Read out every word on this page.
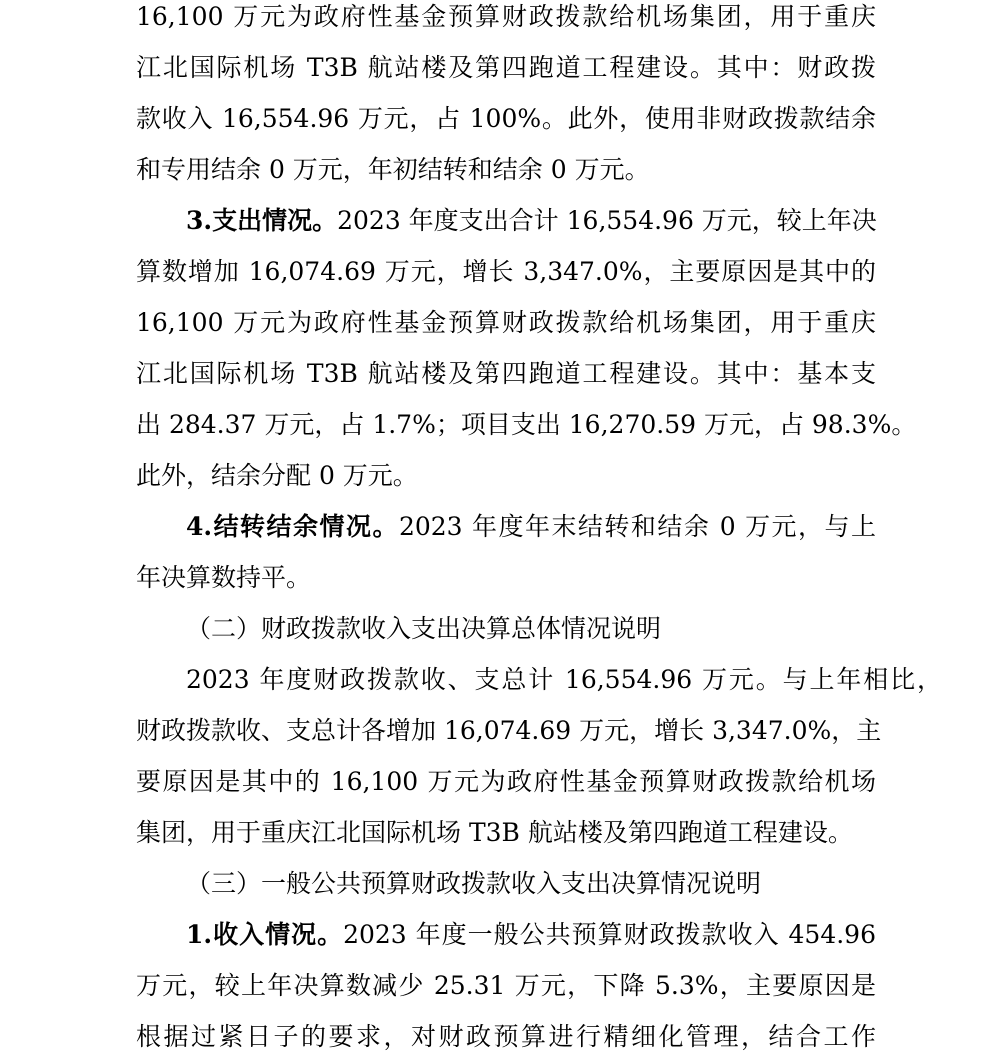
16,100 万元为政府性基金预算财政拨款给机场集团，用于重庆
江北国际机场 T3B 航站楼及第四跑道工程建设。其中：财政拨
款收入 16,554.96 万元，占 100%。此外，使用非财政拨款结余
和专用结余 0 万元，年初结转和结余 0 万元。
3.支出情况。2023 年度支出合计 16,554.96 万元，较上年决
算数增加 16,074.69 万元，增长 3,347.0%，主要原因是其中的
16,100 万元为政府性基金预算财政拨款给机场集团，用于重庆
江北国际机场 T3B 航站楼及第四跑道工程建设。其中：基本支
出 284.37 万元，占 1.7%；项目支出 16,270.59 万元，占 98.3%。
此外，结余分配 0 万元。
4.结转结余情况。2023 年度年末结转和结余 0 万元，与上
年决算数持平。
（二）财政拨款收入支出决算总体情况说明
2023 年度财政拨款收、支总计 16,554.96 万元。与上年相比，
财政拨款收、支总计各增加 16,074.69 万元，增长 3,347.0%，主
要原因是其中的 16,100 万元为政府性基金预算财政拨款给机场
集团，用于重庆江北国际机场 T3B 航站楼及第四跑道工程建设。
（三）一般公共预算财政拨款收入支出决算情况说明
1.收入情况。2023 年度一般公共预算财政拨款收入 454.96
万元，较上年决算数减少 25.31 万元，下降 5.3%，主要原因是
根据过紧日子的要求，对财政预算进行精细化管理，结合工作
